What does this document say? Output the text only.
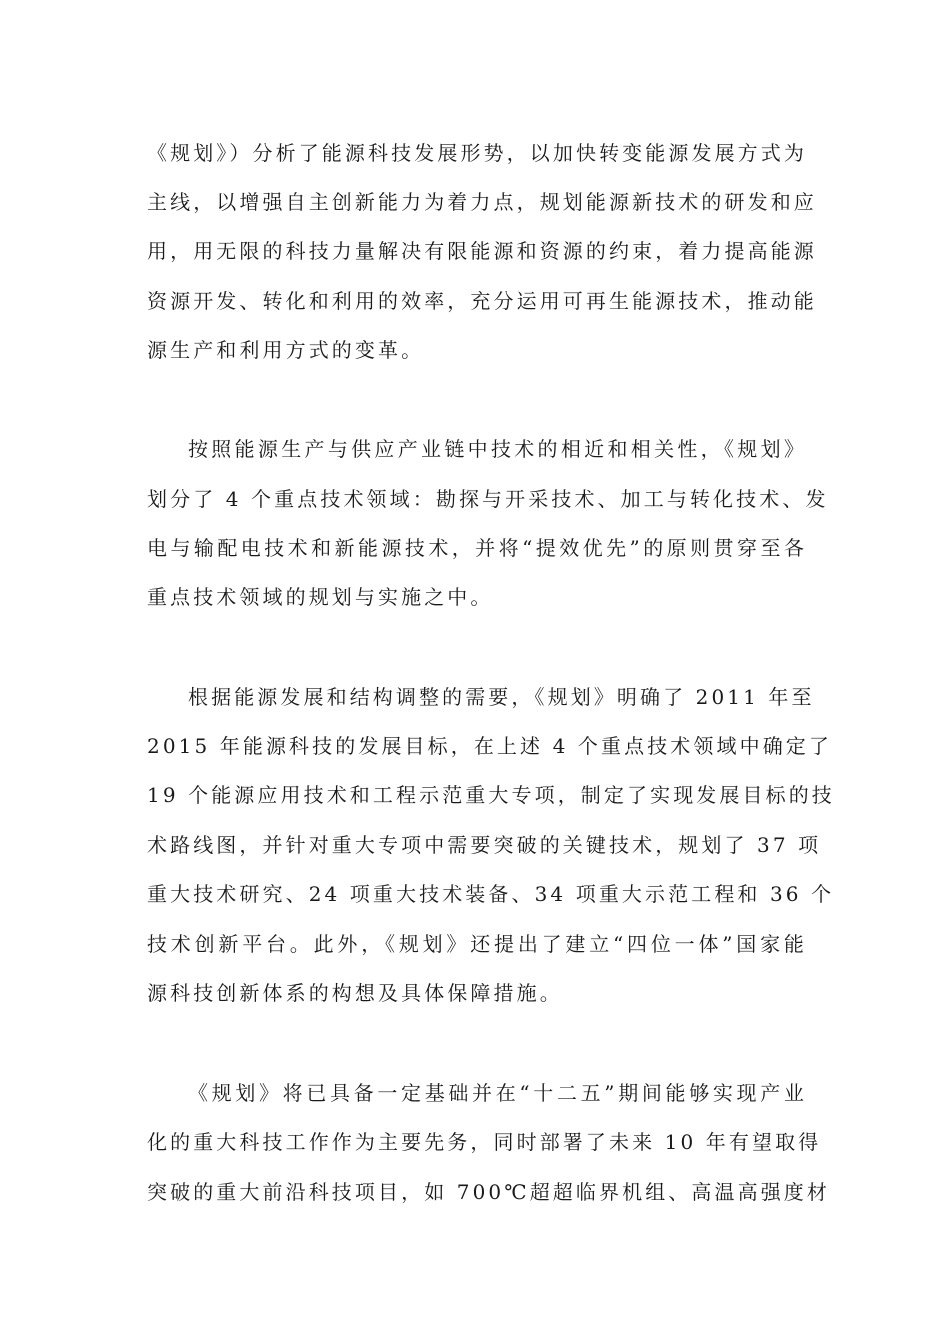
《规划》）分析了能源科技发展形势，以加快转变能源发展方式为
主线，以增强自主创新能力为着力点，规划能源新技术的研发和应
用，用无限的科技力量解决有限能源和资源的约束，着力提高能源
资源开发、转化和利用的效率，充分运用可再生能源技术，推动能
源生产和利用方式的变革。
按照能源生产与供应产业链中技术的相近和相关性，《规划》
划分了 4 个重点技术领域：勘探与开采技术、加工与转化技术、发
电与输配电技术和新能源技术，并将“提效优先”的原则贯穿至各
重点技术领域的规划与实施之中。
根据能源发展和结构调整的需要，《规划》明确了 2011 年至
2015 年能源科技的发展目标，在上述 4 个重点技术领域中确定了
19 个能源应用技术和工程示范重大专项，制定了实现发展目标的技
术路线图，并针对重大专项中需要突破的关键技术，规划了 37 项
重大技术研究、24 项重大技术装备、34 项重大示范工程和 36 个
技术创新平台。此外，《规划》还提出了建立“四位一体”国家能
源科技创新体系的构想及具体保障措施。
《规划》将已具备一定基础并在“十二五”期间能够实现产业
化的重大科技工作作为主要先务，同时部署了未来 10 年有望取得
突破的重大前沿科技项目，如 700℃超超临界机组、高温高强度材
